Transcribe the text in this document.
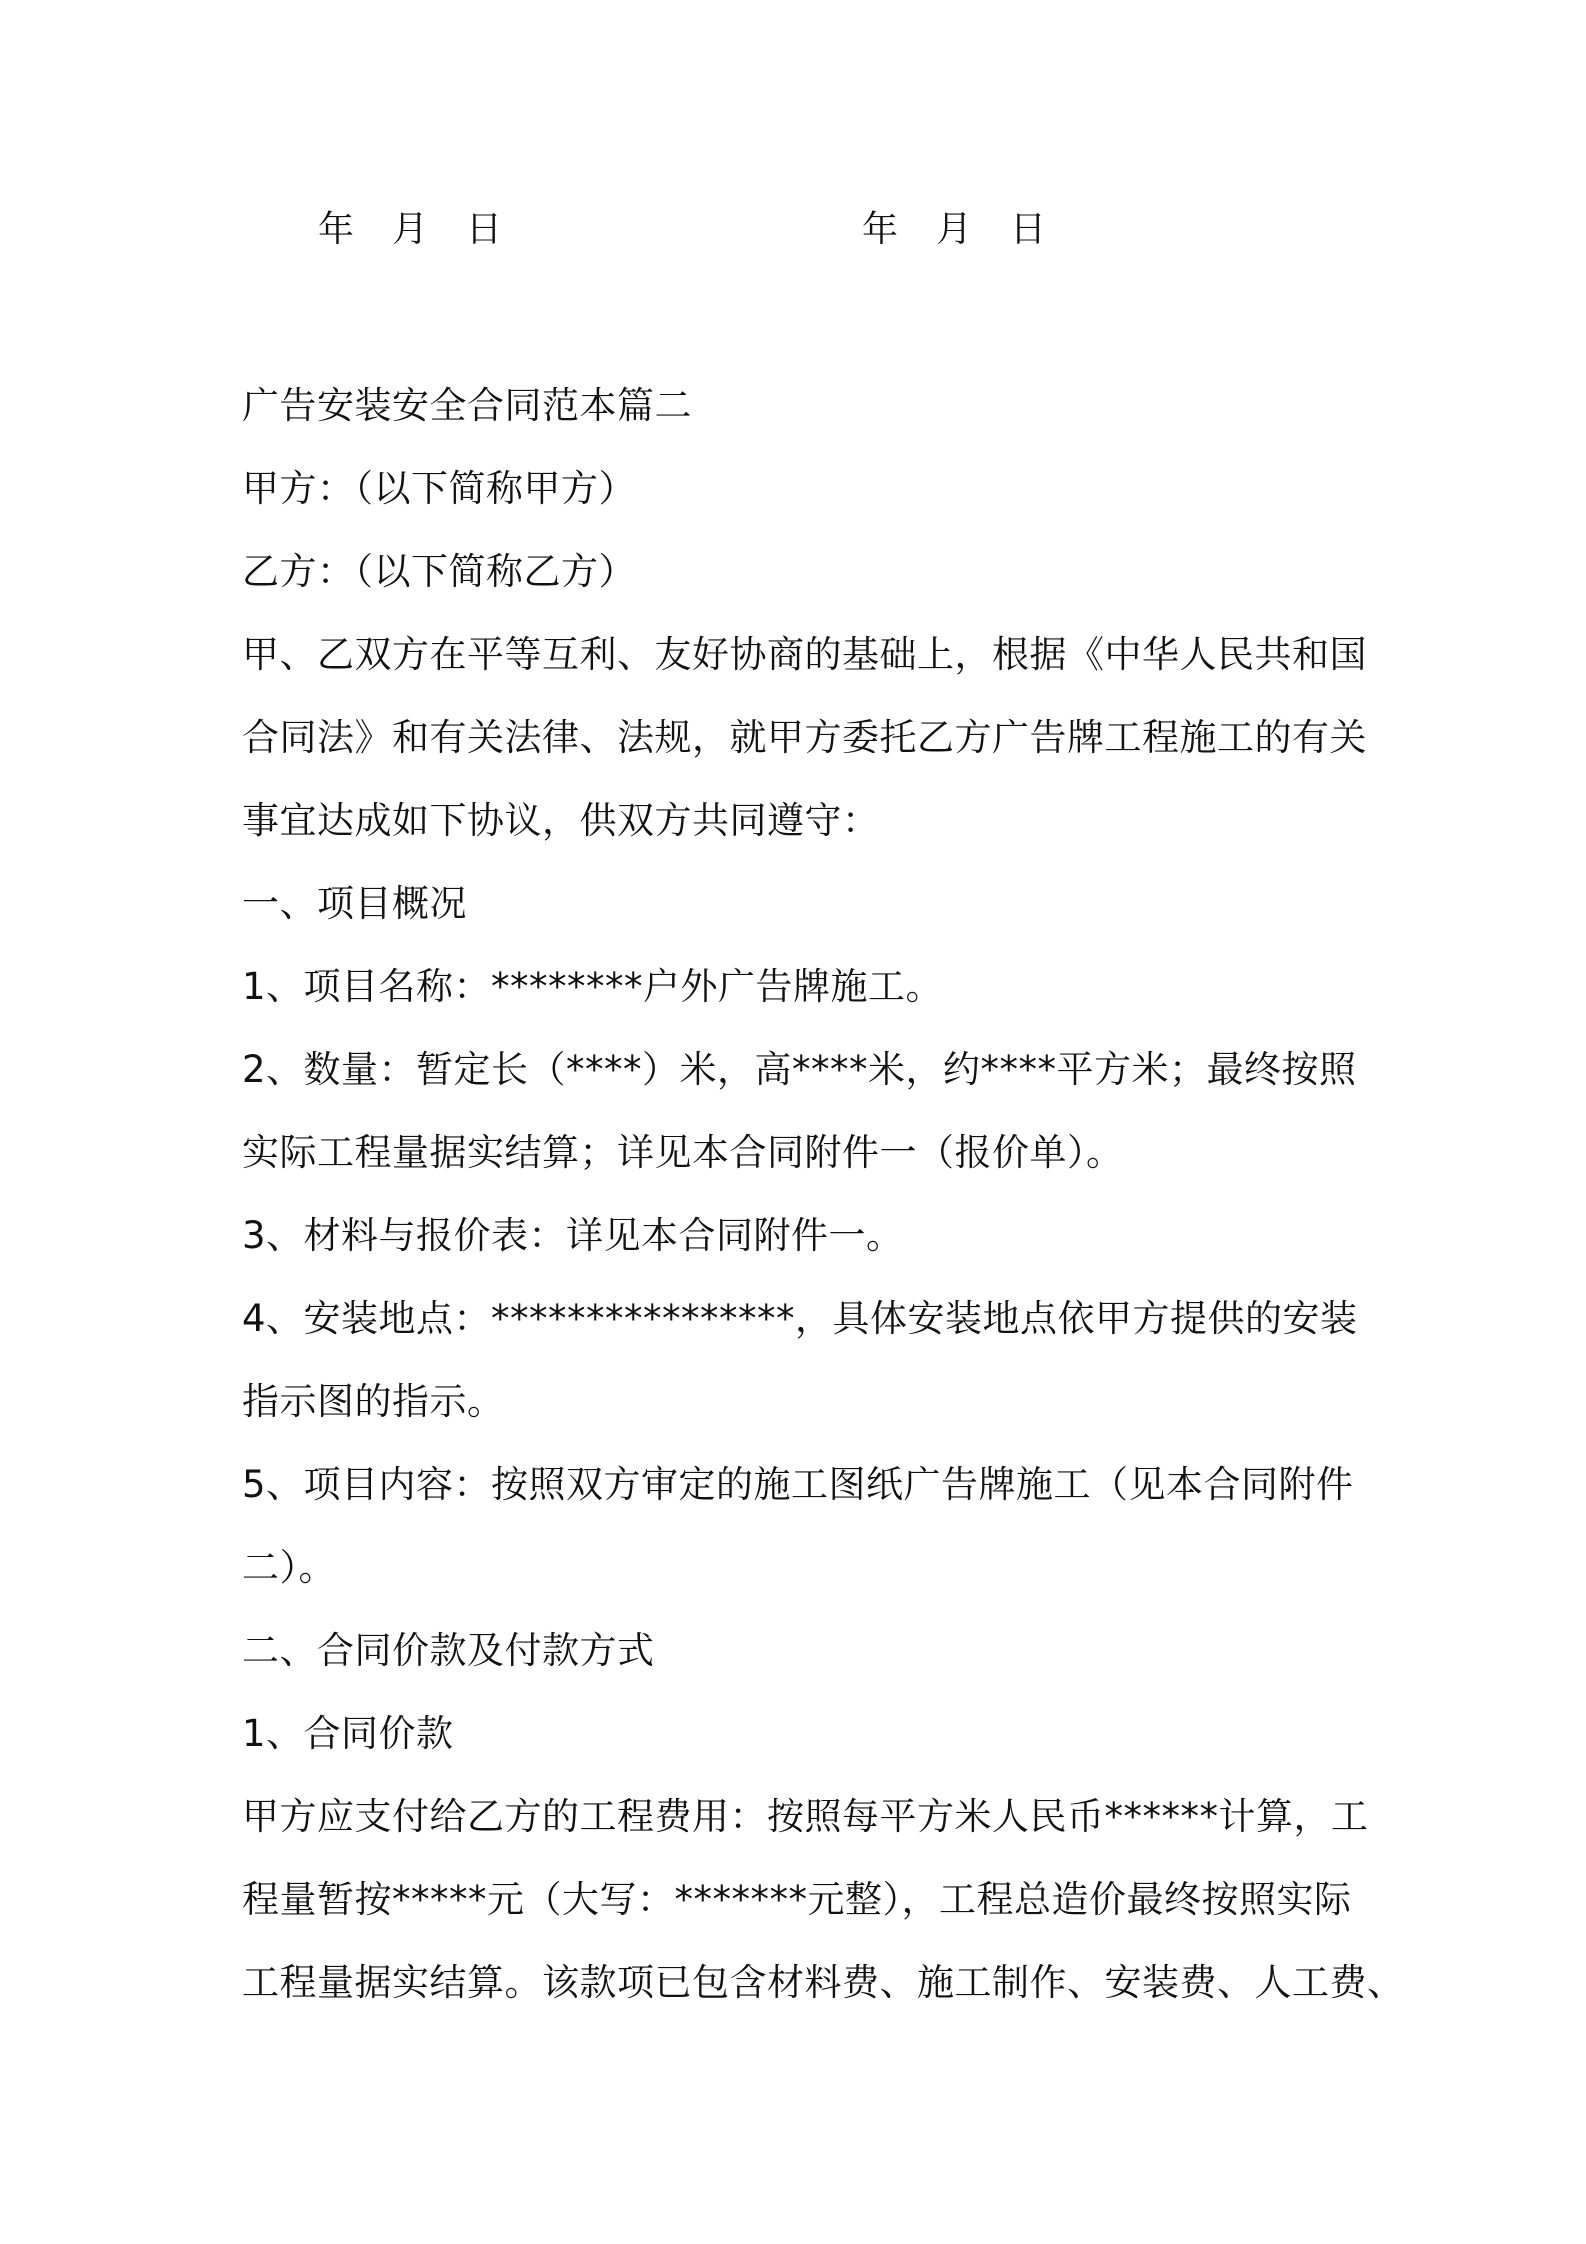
年	月	日	年	月	日
广告安装安全合同范本篇二
甲方：（以下简称甲方）
乙方：（以下简称乙方）
甲、乙双方在平等互利、友好协商的基础上，根据《中华人民共和国
合同法》和有关法律、法规，就甲方委托乙方广告牌工程施工的有关
事宜达成如下协议，供双方共同遵守：
一、项目概况
1、项目名称：********户外广告牌施工。
2、数量：暂定长（****）米，高****米，约****平方米；最终按照
实际工程量据实结算；详见本合同附件一（报价单）。
3、材料与报价表：详见本合同附件一。
4、安装地点：****************，具体安装地点依甲方提供的安装
指示图的指示。
5、项目内容：按照双方审定的施工图纸广告牌施工（见本合同附件
二）。
二、合同价款及付款方式
1、合同价款
甲方应支付给乙方的工程费用：按照每平方米人民币******计算，工
程量暂按*****元（大写：*******元整），工程总造价最终按照实际
工程量据实结算。该款项已包含材料费、施工制作、安装费、人工费、
